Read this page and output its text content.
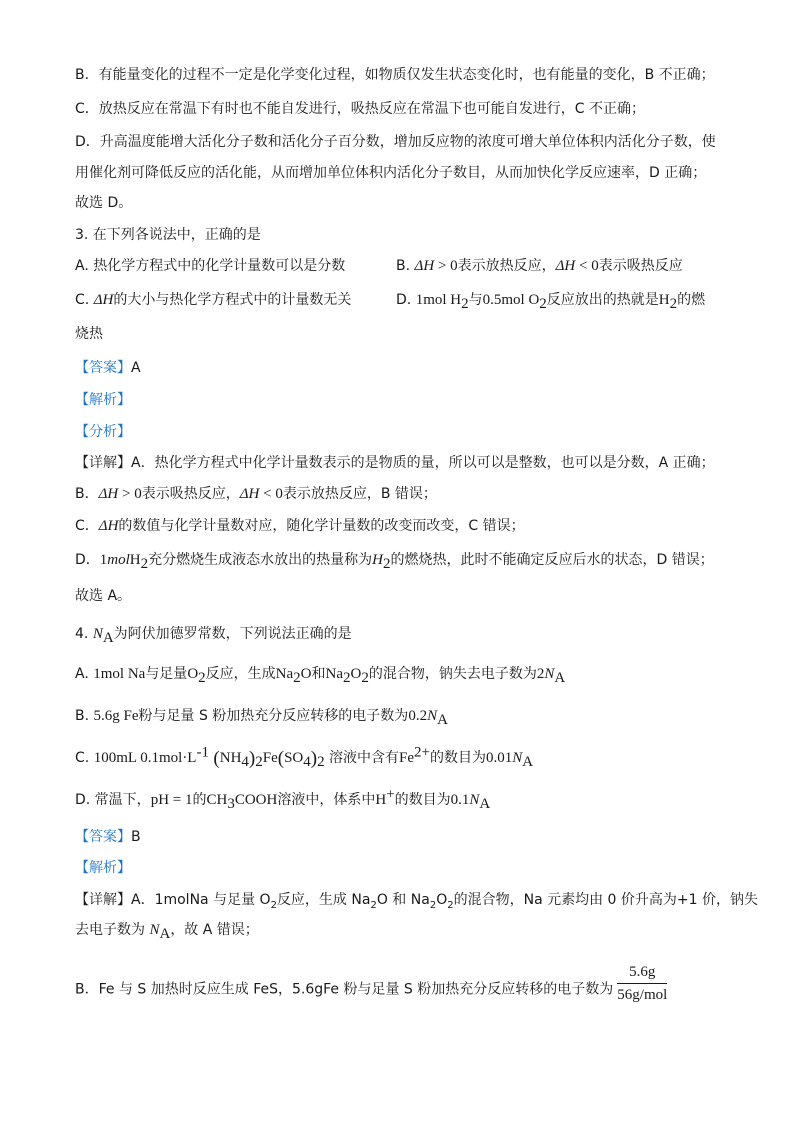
B．有能量变化的过程不一定是化学变化过程，如物质仅发生状态变化时，也有能量的变化，B 不正确；
C．放热反应在常温下有时也不能自发进行，吸热反应在常温下也可能自发进行，C 不正确；
D．升高温度能增大活化分子数和活化分子百分数，增加反应物的浓度可增大单位体积内活化分子数，使
用催化剂可降低反应的活化能，从而增加单位体积内活化分子数目，从而加快化学反应速率，D 正确；
故选 D。
3. 在下列各说法中，正确的是
A. 热化学方程式中的化学计量数可以是分数	B. ΔH > 0表示放热反应，ΔH < 0表示吸热反应
C. ΔH的大小与热化学方程式中的计量数无关	D. 1mol $H_2$与0.5mol $O_2$反应放出的热就是$H_2$的燃
烧热
【答案】A
【解析】
【分析】
【详解】A．热化学方程式中化学计量数表示的是物质的量，所以可以是整数，也可以是分数，A 正确；
B．ΔH > 0表示吸热反应，ΔH < 0表示放热反应，B 错误；
C．ΔH的数值与化学计量数对应，随化学计量数的改变而改变，C 错误；
D．1molH$_2$充分燃烧生成液态水放出的热量称为$H_2$的燃烧热，此时不能确定反应后水的状态，D 错误；
故选 A。
4. $N_A$为阿伏加德罗常数，下列说法正确的是
A. 1mol Na与足量$O_2$反应，生成$Na_2O$和$Na_2O_2$的混合物，钠失去电子数为$2N_A$
B. 5.6g Fe粉与足量 S 粉加热充分反应转移的电子数为$0.2N_A$
C. 100mL $0.1mol\cdot L^{-1}$ $(NH_4)_2Fe(SO_4)_2$ 溶液中含有$Fe^{2+}$的数目为$0.01N_A$
D. 常温下，pH = 1的$CH_3COOH$溶液中，体系中H+的数目为$0.1N_A$
【答案】B
【解析】
【详解】A．1molNa 与足量 $O_2$反应，生成 $Na_2O$ 和 $Na_2O_2$的混合物，Na 元素均由 0 价升高为+1 价，钠失
去电子数为 $N_A$，故 A 错误；
B．Fe 与 S 加热时反应生成 FeS，5.6gFe 粉与足量 S 粉加热充分反应转移的电子数为 $\frac{5.6g}{\text{56g/mol}}$
